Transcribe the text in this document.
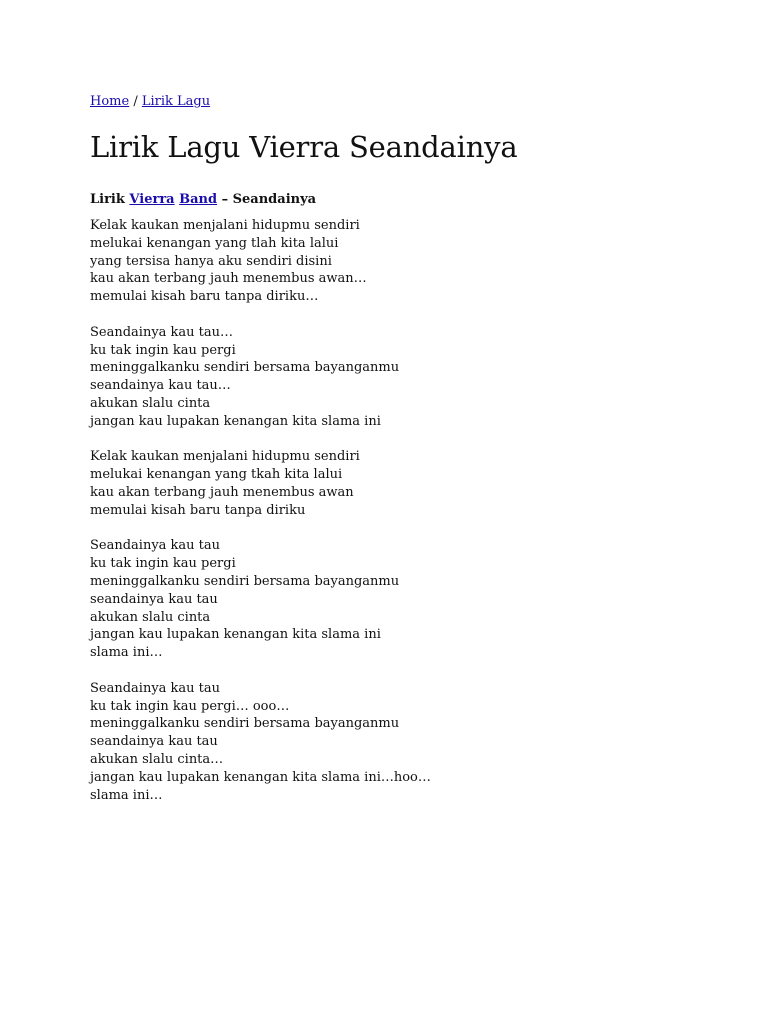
Home / Lirik Lagu
Lirik Lagu Vierra Seandainya
Lirik Vierra Band – Seandainya
Kelak kaukan menjalani hidupmu sendiri
melukai kenangan yang tlah kita lalui
yang tersisa hanya aku sendiri disini
kau akan terbang jauh menembus awan…
memulai kisah baru tanpa diriku…
Seandainya kau tau…
ku tak ingin kau pergi
meninggalkanku sendiri bersama bayanganmu
seandainya kau tau…
akukan slalu cinta
jangan kau lupakan kenangan kita slama ini
Kelak kaukan menjalani hidupmu sendiri
melukai kenangan yang tkah kita lalui
kau akan terbang jauh menembus awan
memulai kisah baru tanpa diriku
Seandainya kau tau
ku tak ingin kau pergi
meninggalkanku sendiri bersama bayanganmu
seandainya kau tau
akukan slalu cinta
jangan kau lupakan kenangan kita slama ini
slama ini…
Seandainya kau tau
ku tak ingin kau pergi… ooo…
meninggalkanku sendiri bersama bayanganmu
seandainya kau tau
akukan slalu cinta…
jangan kau lupakan kenangan kita slama ini…hoo…
slama ini…
